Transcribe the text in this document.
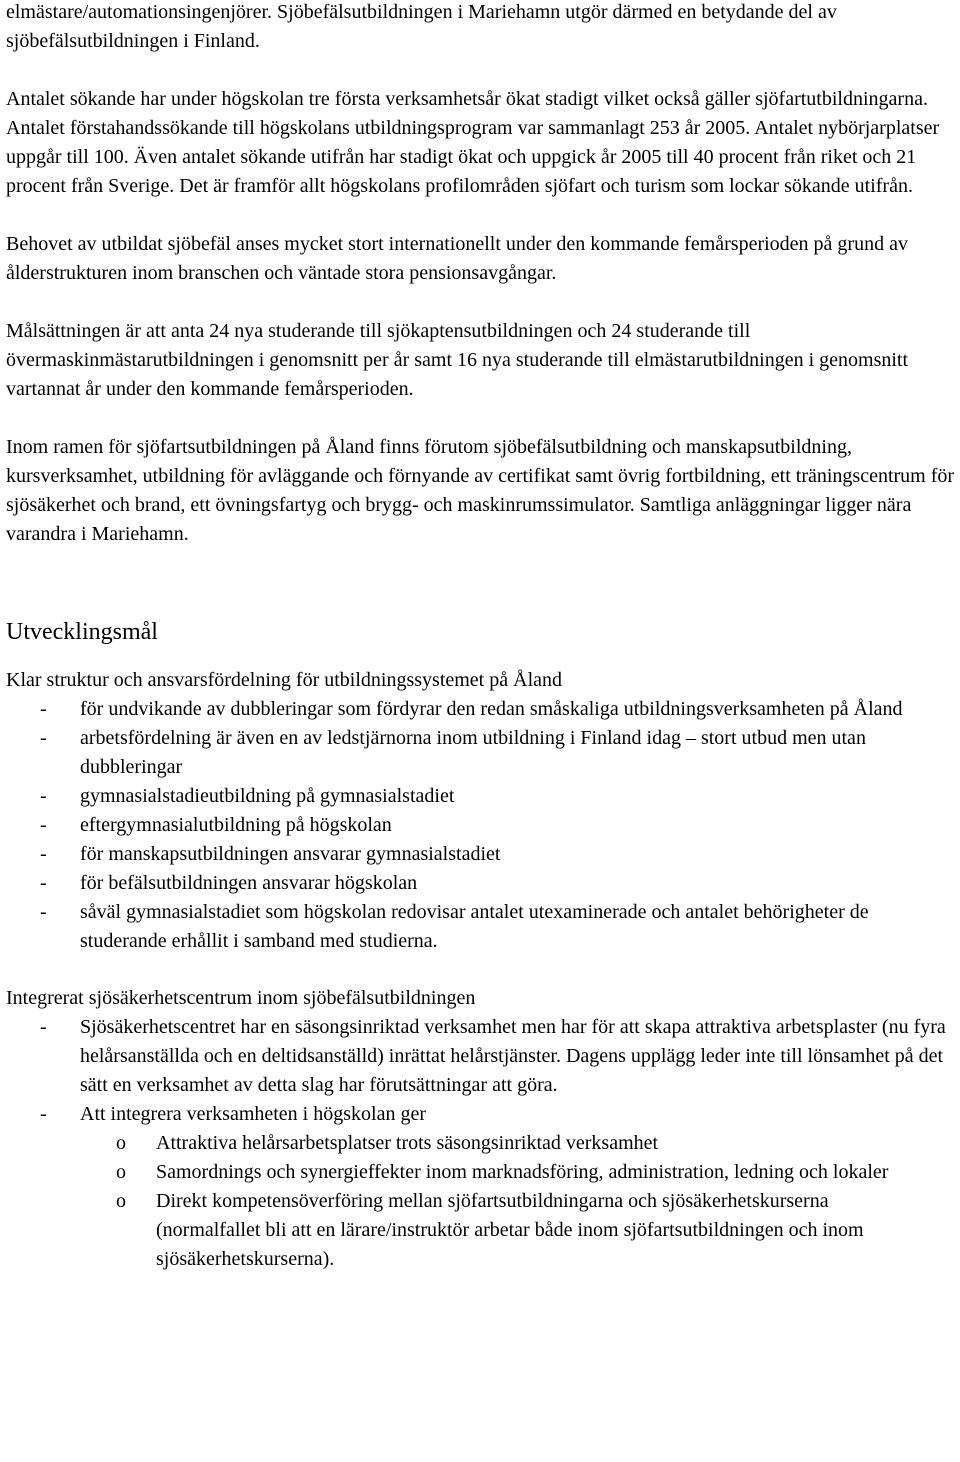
elmästare/automationsingenjörer. Sjöbefälsutbildningen i Mariehamn utgör därmed en betydande del av sjöbefälsutbildningen i Finland.

Antalet sökande har under högskolan tre första verksamhetsår ökat stadigt vilket också gäller sjöfartutbildningarna. Antalet förstahandssökande till högskolans utbildningsprogram var sammanlagt 253 år 2005. Antalet nybörjarplatser uppgår till 100. Även antalet sökande utifrån har stadigt ökat och uppgick år 2005 till 40 procent från riket och 21 procent från Sverige. Det är framför allt högskolans profilområden sjöfart och turism som lockar sökande utifrån.

Behovet av utbildat sjöbefäl anses mycket stort internationellt under den kommande femårsperioden på grund av ålderstrukturen inom branschen och väntade stora pensionsavgångar.

Målsättningen är att anta 24 nya studerande till sjökaptensutbildningen och 24 studerande till övermaskinmästarutbildningen i genomsnitt per år samt 16 nya studerande till elmästarutbildningen i genomsnitt vartannat år under den kommande femårsperioden.

Inom ramen för sjöfartsutbildningen på Åland finns förutom sjöbefälsutbildning och manskapsutbildning, kursverksamhet, utbildning för avläggande och förnyande av certifikat samt övrig fortbildning, ett träningscentrum för sjösäkerhet och brand, ett övningsfartyg och brygg- och maskinrumssimulator. Samtliga anläggningar ligger nära varandra i Mariehamn.

Utvecklingsmål

Klar struktur och ansvarsfördelning för utbildningssystemet på Åland

- för undvikande av dubbleringar som fördyrar den redan småskaliga utbildningsverksamheten på Åland
- arbetsfördelning är även en av ledstjärnorna inom utbildning i Finland idag – stort utbud men utan dubbleringar
- gymnasialstadieutbildning på gymnasialstadiet
- eftergymnasialutbildning på högskolan
- för manskapsutbildningen ansvarar gymnasialstadiet
- för befälsutbildningen ansvarar högskolan
- såväl gymnasialstadiet som högskolan redovisar antalet utexaminerade och antalet behörigheter de studerande erhållit i samband med studierna.

Integrerat sjösäkerhetscentrum inom sjöbefälsutbildningen

- Sjösäkerhetscentret har en säsongsinriktad verksamhet men har för att skapa attraktiva arbetsplaster (nu fyra helårsanställda och en deltidsanställd) inrättat helårstjänster. Dagens upplägg leder inte till lönsamhet på det sätt en verksamhet av detta slag har förutsättningar att göra.
- Att integrera verksamheten i högskolan ger
o Attraktiva helårsarbetsplatser trots säsongsinriktad verksamhet
o Samordnings och synergieffekter inom marknadsföring, administration, ledning och lokaler
o Direkt kompetensöverföring mellan sjöfartsutbildningarna och sjösäkerhetskurserna
(normalfallet bli att en lärare/instruktör arbetar både inom sjöfartsutbildningen och inom sjösäkerhetskurserna).
